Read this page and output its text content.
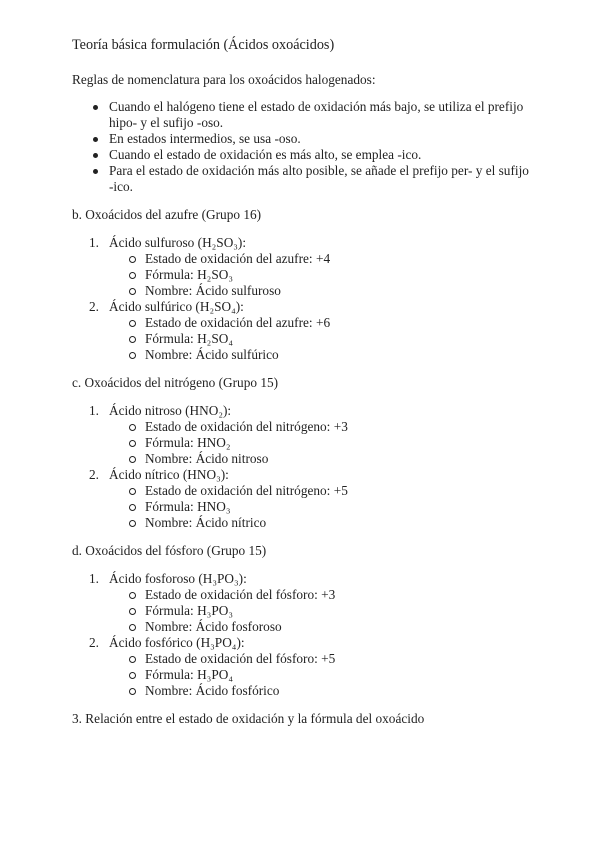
Teoría básica formulación (Ácidos oxoácidos)
Reglas de nomenclatura para los oxoácidos halogenados:
Cuando el halógeno tiene el estado de oxidación más bajo, se utiliza el prefijo hipo- y el sufijo -oso.
En estados intermedios, se usa -oso.
Cuando el estado de oxidación es más alto, se emplea -ico.
Para el estado de oxidación más alto posible, se añade el prefijo per- y el sufijo -ico.
b. Oxoácidos del azufre (Grupo 16)
1. Ácido sulfuroso (H₂SO₃):
Estado de oxidación del azufre: +4
Fórmula: H₂SO₃
Nombre: Ácido sulfuroso
2. Ácido sulfúrico (H₂SO₄):
Estado de oxidación del azufre: +6
Fórmula: H₂SO₄
Nombre: Ácido sulfúrico
c. Oxoácidos del nitrógeno (Grupo 15)
1. Ácido nitroso (HNO₂):
Estado de oxidación del nitrógeno: +3
Fórmula: HNO₂
Nombre: Ácido nitroso
2. Ácido nítrico (HNO₃):
Estado de oxidación del nitrógeno: +5
Fórmula: HNO₃
Nombre: Ácido nítrico
d. Oxoácidos del fósforo (Grupo 15)
1. Ácido fosforoso (H₃PO₃):
Estado de oxidación del fósforo: +3
Fórmula: H₃PO₃
Nombre: Ácido fosforoso
2. Ácido fosfórico (H₃PO₄):
Estado de oxidación del fósforo: +5
Fórmula: H₃PO₄
Nombre: Ácido fosfórico
3. Relación entre el estado de oxidación y la fórmula del oxoácido
